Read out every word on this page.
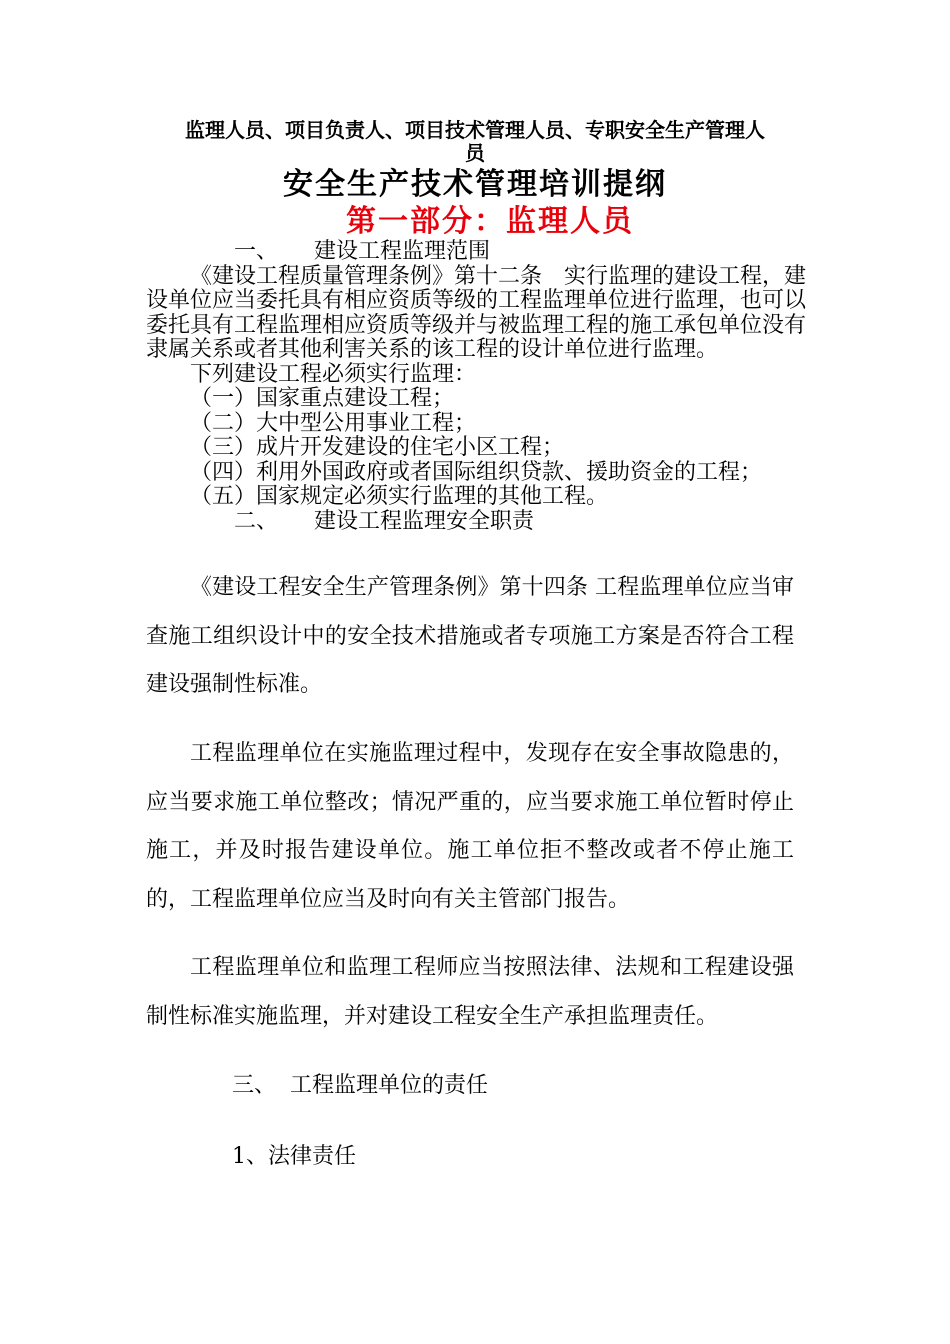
监理人员、项目负责人、项目技术管理人员、专职安全生产管理人
员
安全生产技术管理培训提纲
第一部分：监理人员
一、 建设工程监理范围
《建设工程质量管理条例》第十二条　实行监理的建设工程，建设单位应当委托具有相应资质等级的工程监理单位进行监理，也可以委托具有工程监理相应资质等级并与被监理工程的施工承包单位没有隶属关系或者其他利害关系的该工程的设计单位进行监理。
下列建设工程必须实行监理：
（一）国家重点建设工程；
（二）大中型公用事业工程；
（三）成片开发建设的住宅小区工程；
（四）利用外国政府或者国际组织贷款、援助资金的工程；
（五）国家规定必须实行监理的其他工程。
二、 建设工程监理安全职责
《建设工程安全生产管理条例》第十四条 工程监理单位应当审查施工组织设计中的安全技术措施或者专项施工方案是否符合工程建设强制性标准。
工程监理单位在实施监理过程中，发现存在安全事故隐患的，应当要求施工单位整改；情况严重的，应当要求施工单位暂时停止施工，并及时报告建设单位。施工单位拒不整改或者不停止施工的，工程监理单位应当及时向有关主管部门报告。
工程监理单位和监理工程师应当按照法律、法规和工程建设强制性标准实施监理，并对建设工程安全生产承担监理责任。
三、 工程监理单位的责任
1、法律责任
